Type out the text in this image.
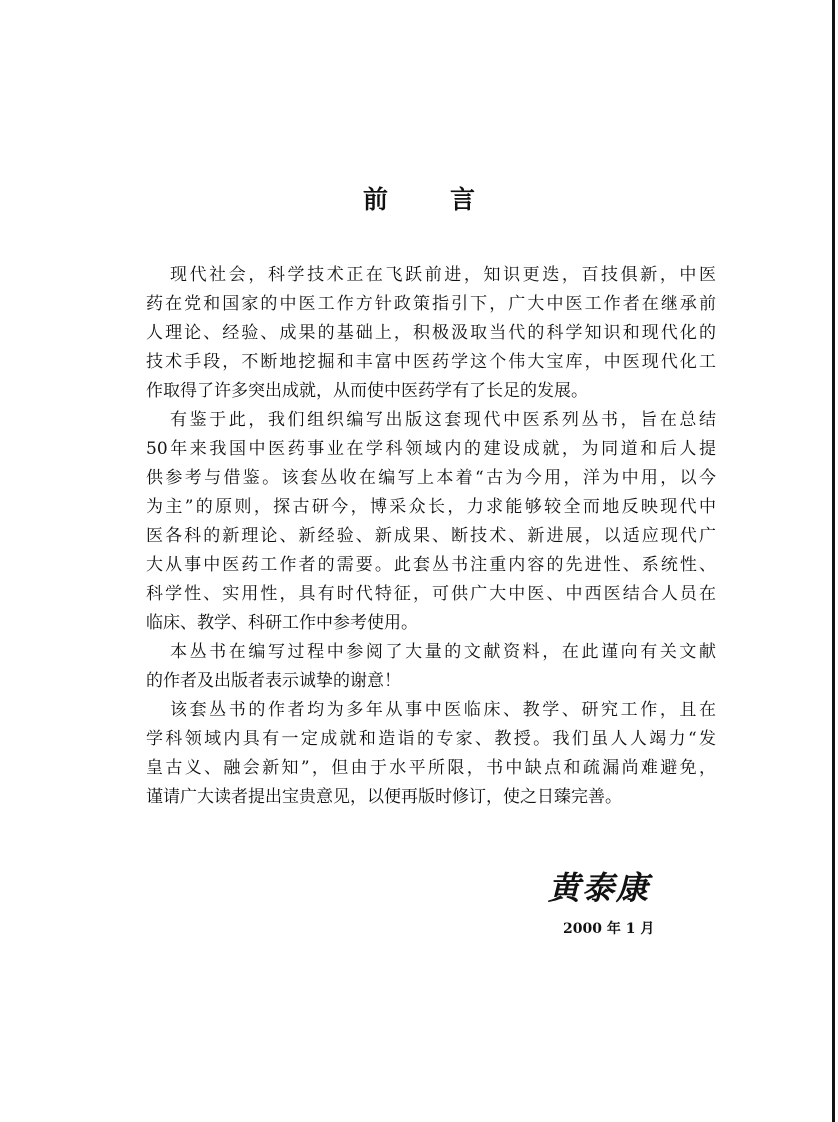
前 言
现代社会，科学技术正在飞跃前进，知识更迭，百技俱新，中医
药在党和国家的中医工作方针政策指引下，广大中医工作者在继承前
人理论、经验、成果的基础上，积极汲取当代的科学知识和现代化的
技术手段，不断地挖掘和丰富中医药学这个伟大宝库，中医现代化工
作取得了许多突出成就，从而使中医药学有了长足的发展。
有鉴于此，我们组织编写出版这套现代中医系列丛书，旨在总结
50年来我国中医药事业在学科领域内的建设成就，为同道和后人提
供参考与借鉴。该套丛收在编写上本着“古为今用，洋为中用，以今
为主”的原则，探古研今，博采众长，力求能够较全而地反映现代中
医各科的新理论、新经验、新成果、断技术、新进展，以适应现代广
大从事中医药工作者的需要。此套丛书注重内容的先进性、系统性、
科学性、实用性，具有时代特征，可供广大中医、中西医结合人员在
临床、教学、科研工作中参考使用。
本丛书在编写过程中参阅了大量的文献资料，在此谨向有关文献
的作者及出版者表示诚挚的谢意！
该套丛书的作者均为多年从事中医临床、教学、研究工作，且在
学科领域内具有一定成就和造诣的专家、教授。我们虽人人竭力“发
皇古义、融会新知”，但由于水平所限，书中缺点和疏漏尚难避免，
谨请广大读者提出宝贵意见，以便再版时修订，使之日臻完善。
黄泰康
2000 年 1 月
